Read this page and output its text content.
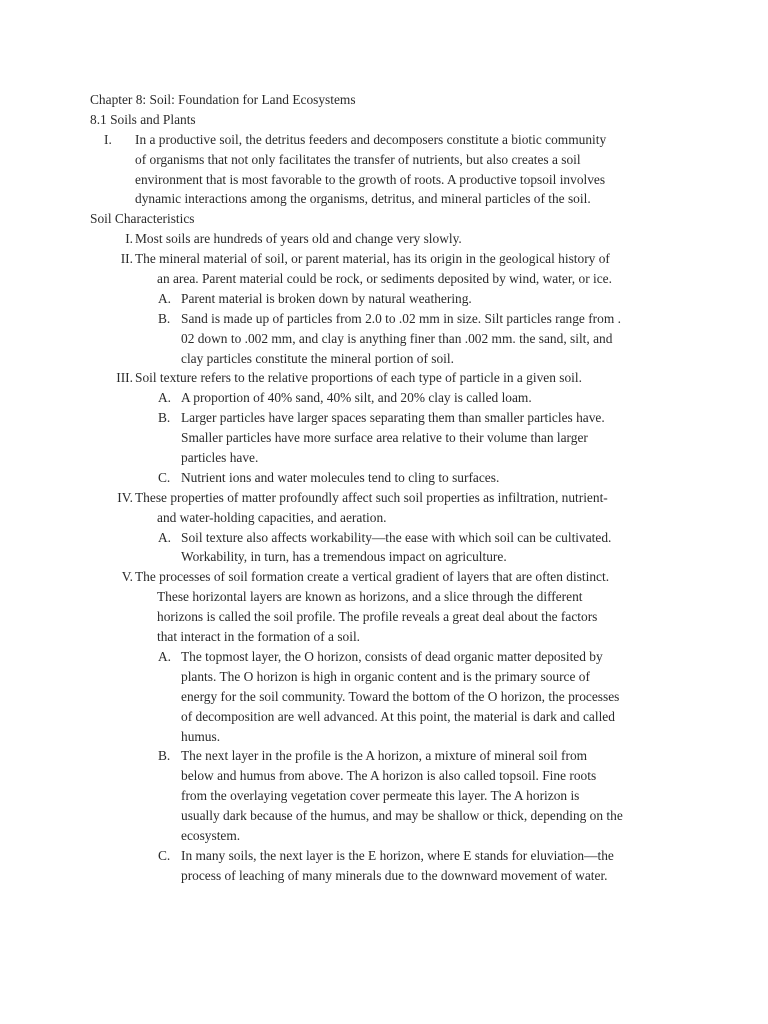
Chapter 8: Soil: Foundation for Land Ecosystems
8.1 Soils and Plants
I. In a productive soil, the detritus feeders and decomposers constitute a biotic community
of organisms that not only facilitates the transfer of nutrients, but also creates a soil
environment that is most favorable to the growth of roots. A productive topsoil involves
dynamic interactions among the organisms, detritus, and mineral particles of the soil.
Soil Characteristics
I. Most soils are hundreds of years old and change very slowly.
II. The mineral material of soil, or parent material, has its origin in the geological history of
an area. Parent material could be rock, or sediments deposited by wind, water, or ice.
A. Parent material is broken down by natural weathering.
B. Sand is made up of particles from 2.0 to .02 mm in size. Silt particles range from .
02 down to .002 mm, and clay is anything finer than .002 mm. the sand, silt, and
clay particles constitute the mineral portion of soil.
III. Soil texture refers to the relative proportions of each type of particle in a given soil.
A. A proportion of 40% sand, 40% silt, and 20% clay is called loam.
B. Larger particles have larger spaces separating them than smaller particles have.
Smaller particles have more surface area relative to their volume than larger
particles have.
C. Nutrient ions and water molecules tend to cling to surfaces.
IV. These properties of matter profoundly affect such soil properties as infiltration, nutrient-
and water-holding capacities, and aeration.
A. Soil texture also affects workability—the ease with which soil can be cultivated.
Workability, in turn, has a tremendous impact on agriculture.
V. The processes of soil formation create a vertical gradient of layers that are often distinct.
These horizontal layers are known as horizons, and a slice through the different
horizons is called the soil profile. The profile reveals a great deal about the factors
that interact in the formation of a soil.
A. The topmost layer, the O horizon, consists of dead organic matter deposited by
plants. The O horizon is high in organic content and is the primary source of
energy for the soil community. Toward the bottom of the O horizon, the processes
of decomposition are well advanced. At this point, the material is dark and called
humus.
B. The next layer in the profile is the A horizon, a mixture of mineral soil from
below and humus from above. The A horizon is also called topsoil. Fine roots
from the overlaying vegetation cover permeate this layer. The A horizon is
usually dark because of the humus, and may be shallow or thick, depending on the
ecosystem.
C. In many soils, the next layer is the E horizon, where E stands for eluviation—the
process of leaching of many minerals due to the downward movement of water.
